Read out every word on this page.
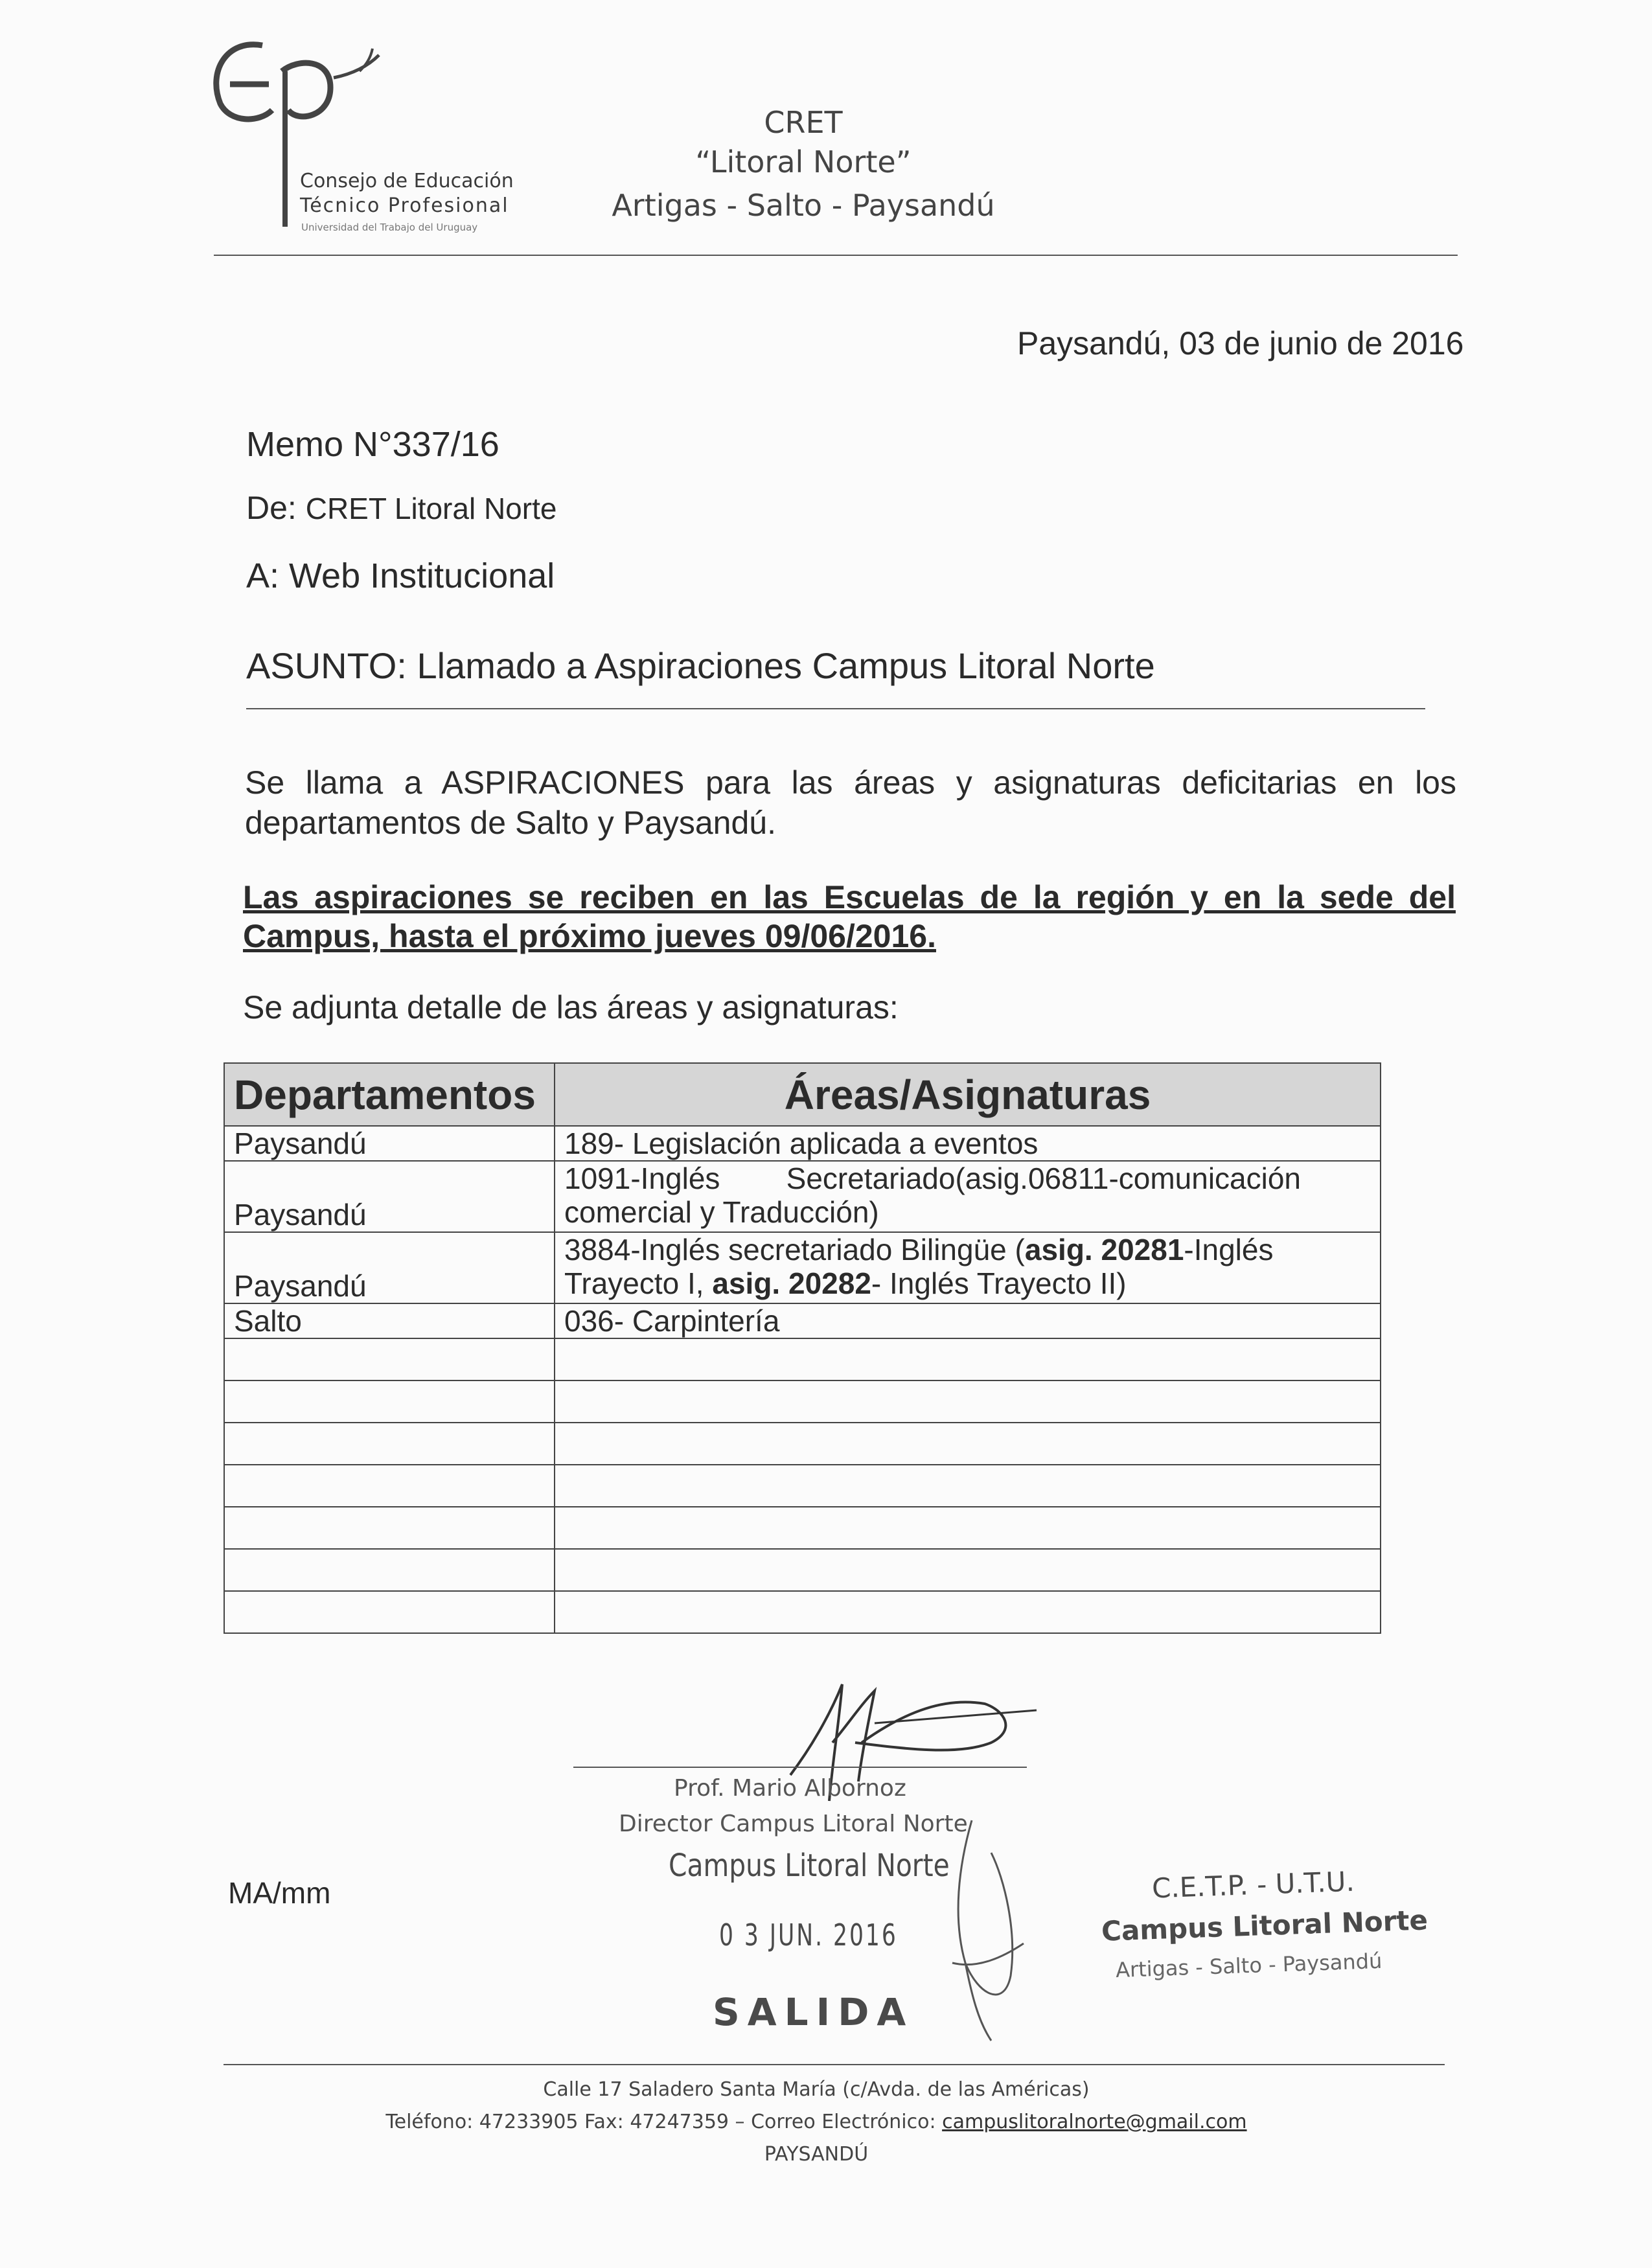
Consejo de Educación
Técnico Profesional
Universidad del Trabajo del Uruguay
CRET
“Litoral Norte”
Artigas - Salto - Paysandú
Paysandú, 03 de junio de 2016
Memo N°337/16
De: CRET Litoral Norte
A: Web Institucional
ASUNTO: Llamado a Aspiraciones Campus Litoral Norte
Se llama a ASPIRACIONES para las áreas y asignaturas deficitarias en los
departamentos de Salto y Paysandú.
Las aspiraciones se reciben en las Escuelas de la región y en la sede del
Campus, hasta el próximo jueves 09/06/2016.
Se adjunta detalle de las áreas y asignaturas:
Departamentos	Áreas/Asignaturas
Paysandú	189- Legislación aplicada a eventos
Paysandú	1091-Inglés        Secretariado(asig.06811-comunicación
comercial y Traducción)

Paysandú	3884-Inglés secretariado Bilingüe (asig. 20281-Inglés
Trayecto I, asig. 20282- Inglés Trayecto II)

Salto	036- Carpintería

Prof. Mario Albornoz
Director Campus Litoral Norte
Campus Litoral Norte
0 3 JUN. 2016
SALIDA
C.E.T.P. - U.T.U.
Campus Litoral Norte
Artigas - Salto - Paysandú
MA/mm
Calle 17 Saladero Santa María (c/Avda. de las Américas)
Teléfono: 47233905 Fax: 47247359 – Correo Electrónico: campuslitoralnorte@gmail.com
PAYSANDÚ
